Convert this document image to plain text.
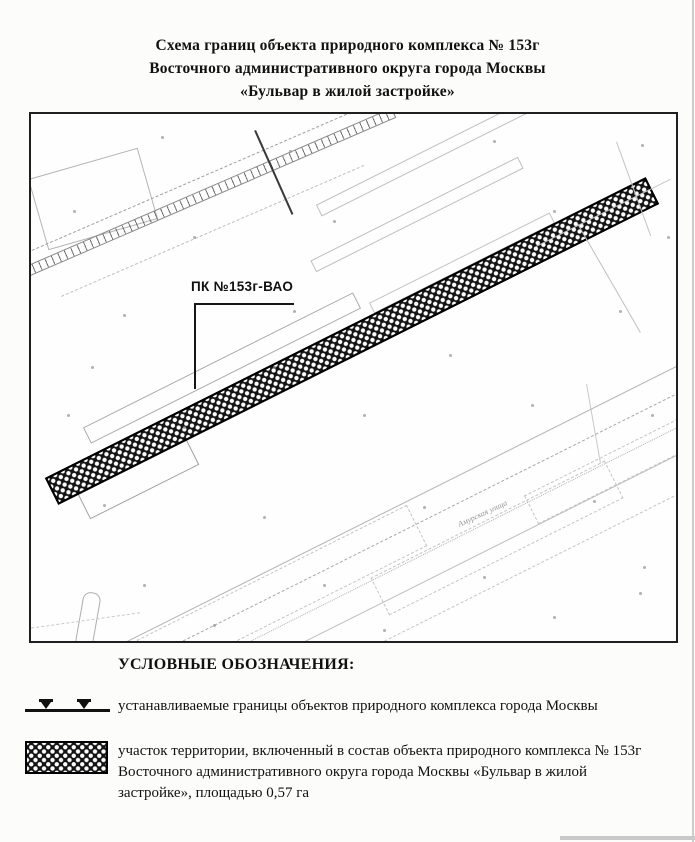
Схема границ объекта природного комплекса № 153г
Восточного административного округа города Москвы
«Бульвар в жилой застройке»
ПК №153г-ВАО
Амурская улица
УСЛОВНЫЕ ОБОЗНАЧЕНИЯ:
устанавливаемые границы объектов природного комплекса города Москвы
участок территории, включенный в состав объекта природного комплекса № 153г Восточного административного округа города Москвы «Бульвар в жилой застройке», площадью 0,57 га
